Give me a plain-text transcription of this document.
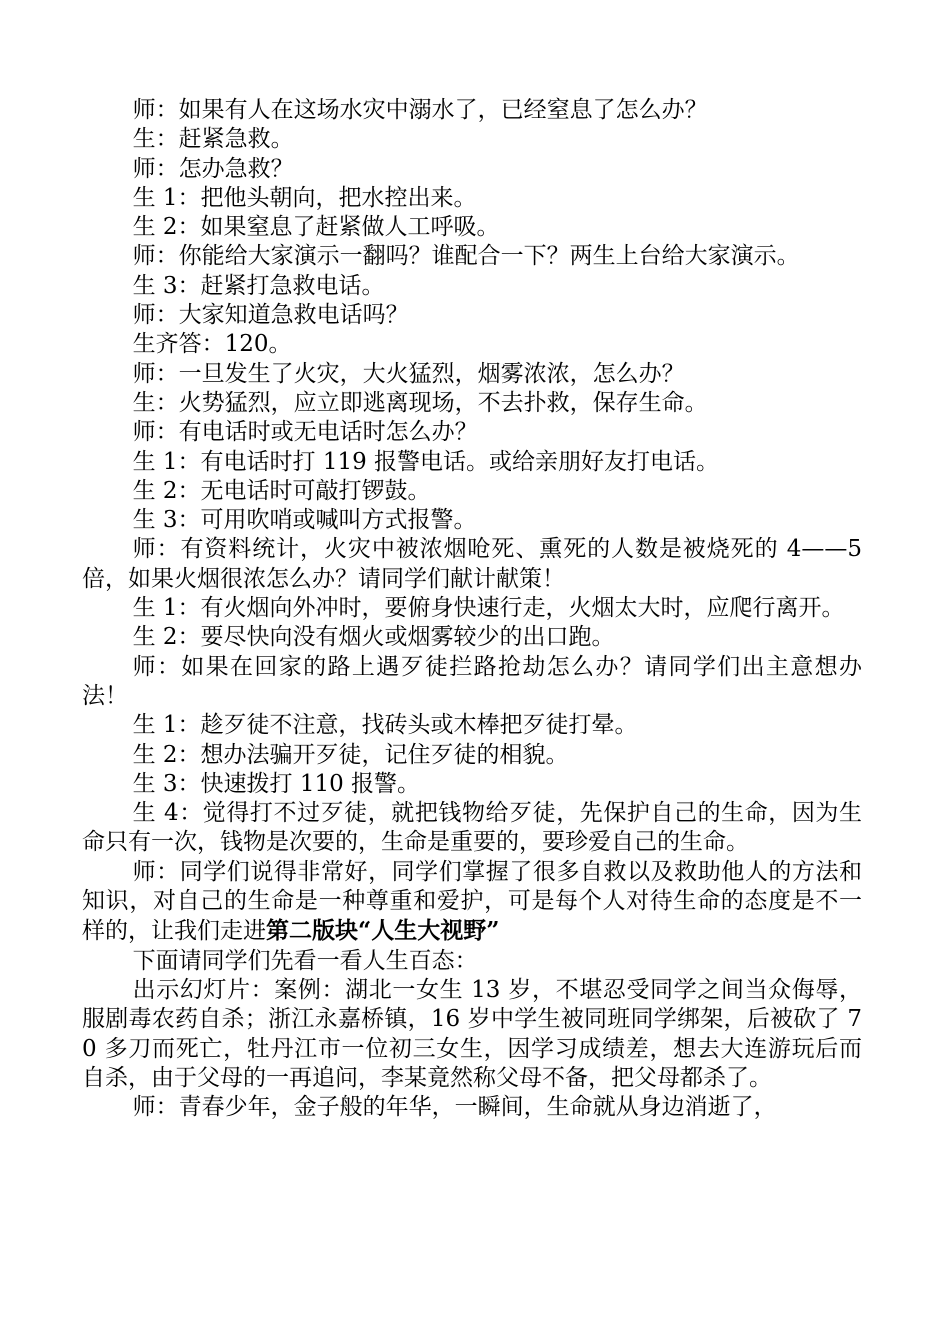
师：如果有人在这场水灾中溺水了，已经窒息了怎么办？

生：赶紧急救。

师：怎办急救？

生 1：把他头朝向，把水控出来。

生 2：如果窒息了赶紧做人工呼吸。

师：你能给大家演示一翻吗？谁配合一下？两生上台给大家演示。

生 3：赶紧打急救电话。

师：大家知道急救电话吗？

生齐答：120。

师：一旦发生了火灾，大火猛烈，烟雾浓浓，怎么办？

生：火势猛烈，应立即逃离现场，不去扑救，保存生命。

师：有电话时或无电话时怎么办？

生 1：有电话时打 119 报警电话。或给亲朋好友打电话。

生 2：无电话时可敲打锣鼓。

生 3：可用吹哨或喊叫方式报警。

师：有资料统计，火灾中被浓烟呛死、熏死的人数是被烧死的 4——5 倍，如果火烟很浓怎么办？请同学们献计献策！

生 1：有火烟向外冲时，要俯身快速行走，火烟太大时，应爬行离开。

生 2：要尽快向没有烟火或烟雾较少的出口跑。

师：如果在回家的路上遇歹徒拦路抢劫怎么办？请同学们出主意想办法！

生 1：趁歹徒不注意，找砖头或木棒把歹徒打晕。

生 2：想办法骗开歹徒，记住歹徒的相貌。

生 3：快速拨打 110 报警。

生 4：觉得打不过歹徒，就把钱物给歹徒，先保护自己的生命，因为生命只有一次，钱物是次要的，生命是重要的，要珍爱自己的生命。

师：同学们说得非常好，同学们掌握了很多自救以及救助他人的方法和知识，对自己的生命是一种尊重和爱护，可是每个人对待生命的态度是不一样的，让我们走进第二版块“人生大视野”

下面请同学们先看一看人生百态：

出示幻灯片：案例：湖北一女生 13 岁，不堪忍受同学之间当众侮辱，服剧毒农药自杀；浙江永嘉桥镇，16 岁中学生被同班同学绑架，后被砍了 70 多刀而死亡，牡丹江市一位初三女生，因学习成绩差，想去大连游玩后而自杀，由于父母的一再追问，李某竟然称父母不备，把父母都杀了。

师：青春少年，金子般的年华，一瞬间，生命就从身边消逝了，
